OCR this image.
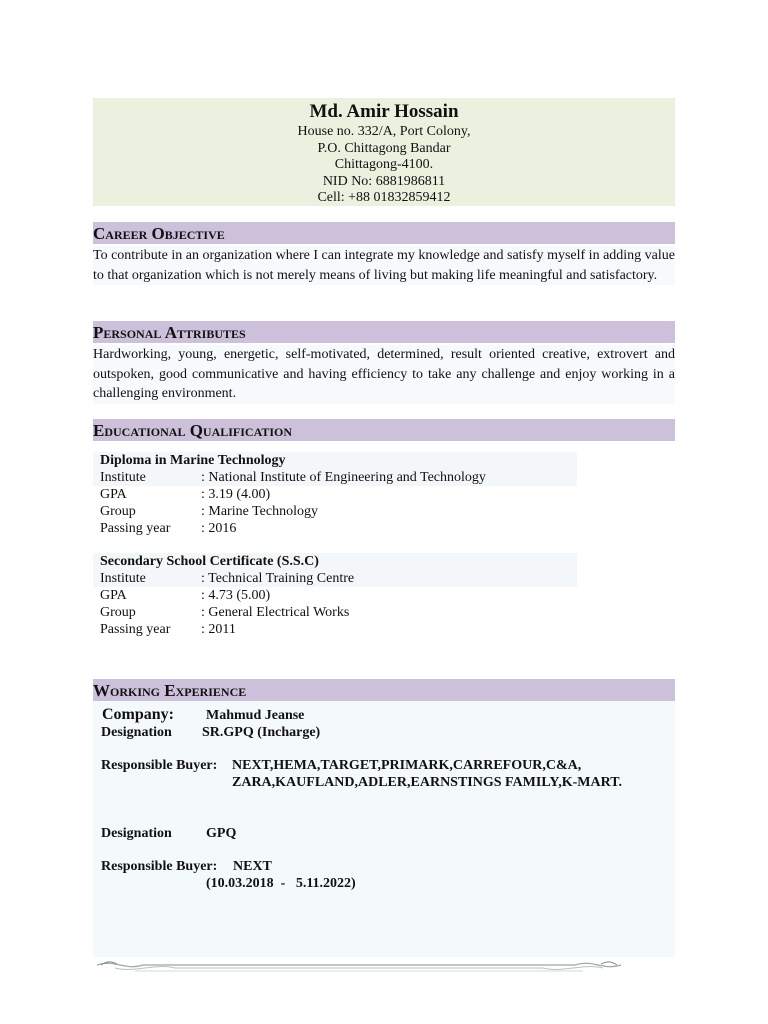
Md. Amir Hossain
House no. 332/A, Port Colony,
P.O. Chittagong Bandar
Chittagong-4100.
NID No: 6881986811
Cell: +88 01832859412
Career Objective
To contribute in an organization where I can integrate my knowledge and satisfy myself in adding value to that organization which is not merely means of living but making life meaningful and satisfactory.
Personal Attributes
Hardworking, young, energetic, self-motivated, determined, result oriented creative, extrovert and outspoken, good communicative and having efficiency to take any challenge and enjoy working in a challenging environment.
Educational Qualification
Diploma in Marine Technology
Institute	: National Institute of Engineering and Technology
GPA	: 3.19 (4.00)
Group	: Marine Technology
Passing year : 2016
Secondary School Certificate (S.S.C)
Institute	: Technical Training Centre
GPA	: 4.73 (5.00)
Group	: General Electrical Works
Passing year : 2011
Working Experience
Company: Mahmud Jeanse
Designation SR.GPQ (Incharge)
Responsible Buyer: NEXT,HEMA,TARGET,PRIMARK,CARREFOUR,C&A,
ZARA,KAUFLAND,ADLER,EARNSTINGS FAMILY,K-MART.
Designation GPQ
Responsible Buyer: NEXT
(10.03.2018  -   5.11.2022)
